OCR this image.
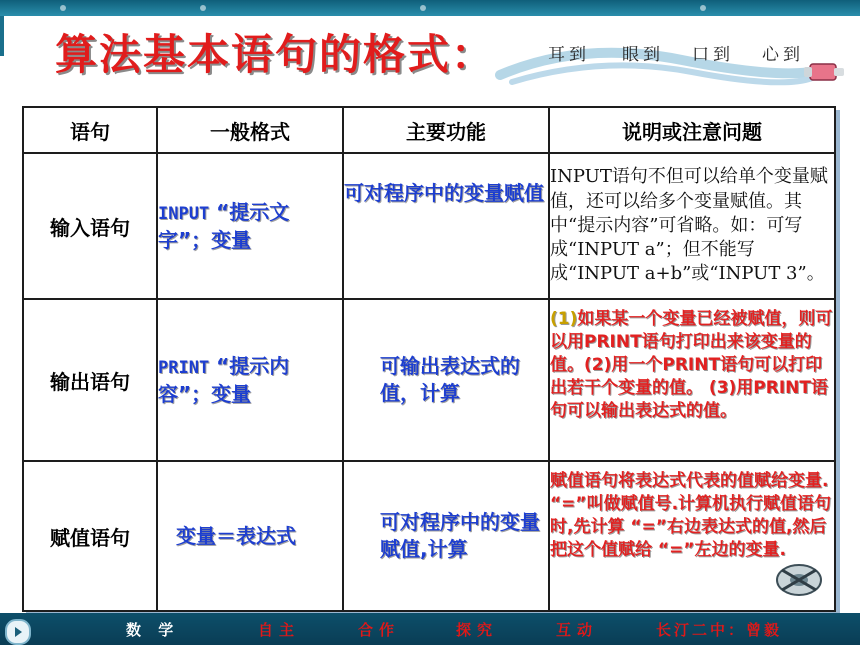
算法基本语句的格式：	耳到 眼到 口到 心到
语句	一般格式	主要功能	说明或注意问题
输入语句	INPUT “提示文字”；变量	可对程序中的变量赋值	INPUT语句不但可以给单个变量赋值，还可以给多个变量赋值。其中“提示内容”可省略。如：可写成“INPUT a”；但不能写成“INPUT a+b”或“INPUT 3”。
输出语句	PRINT “提示内容”；变量	可输出表达式的值，计算	(1)如果某一个变量已经被赋值，则可以用PRINT语句打印出来该变量的值。(2)用一个PRINT语句可以打印出若干个变量的值。 (3)用PRINT语句可以输出表达式的值。
赋值语句	变量＝表达式	可对程序中的变量赋值,计算	赋值语句将表达式代表的值赋给变量. “=”叫做赋值号.计算机执行赋值语句时,先计算 “=”右边表达式的值,然后把这个值赋给 “=”左边的变量.
数 学	自主	合作	探究	互动	长汀二中：曾毅
